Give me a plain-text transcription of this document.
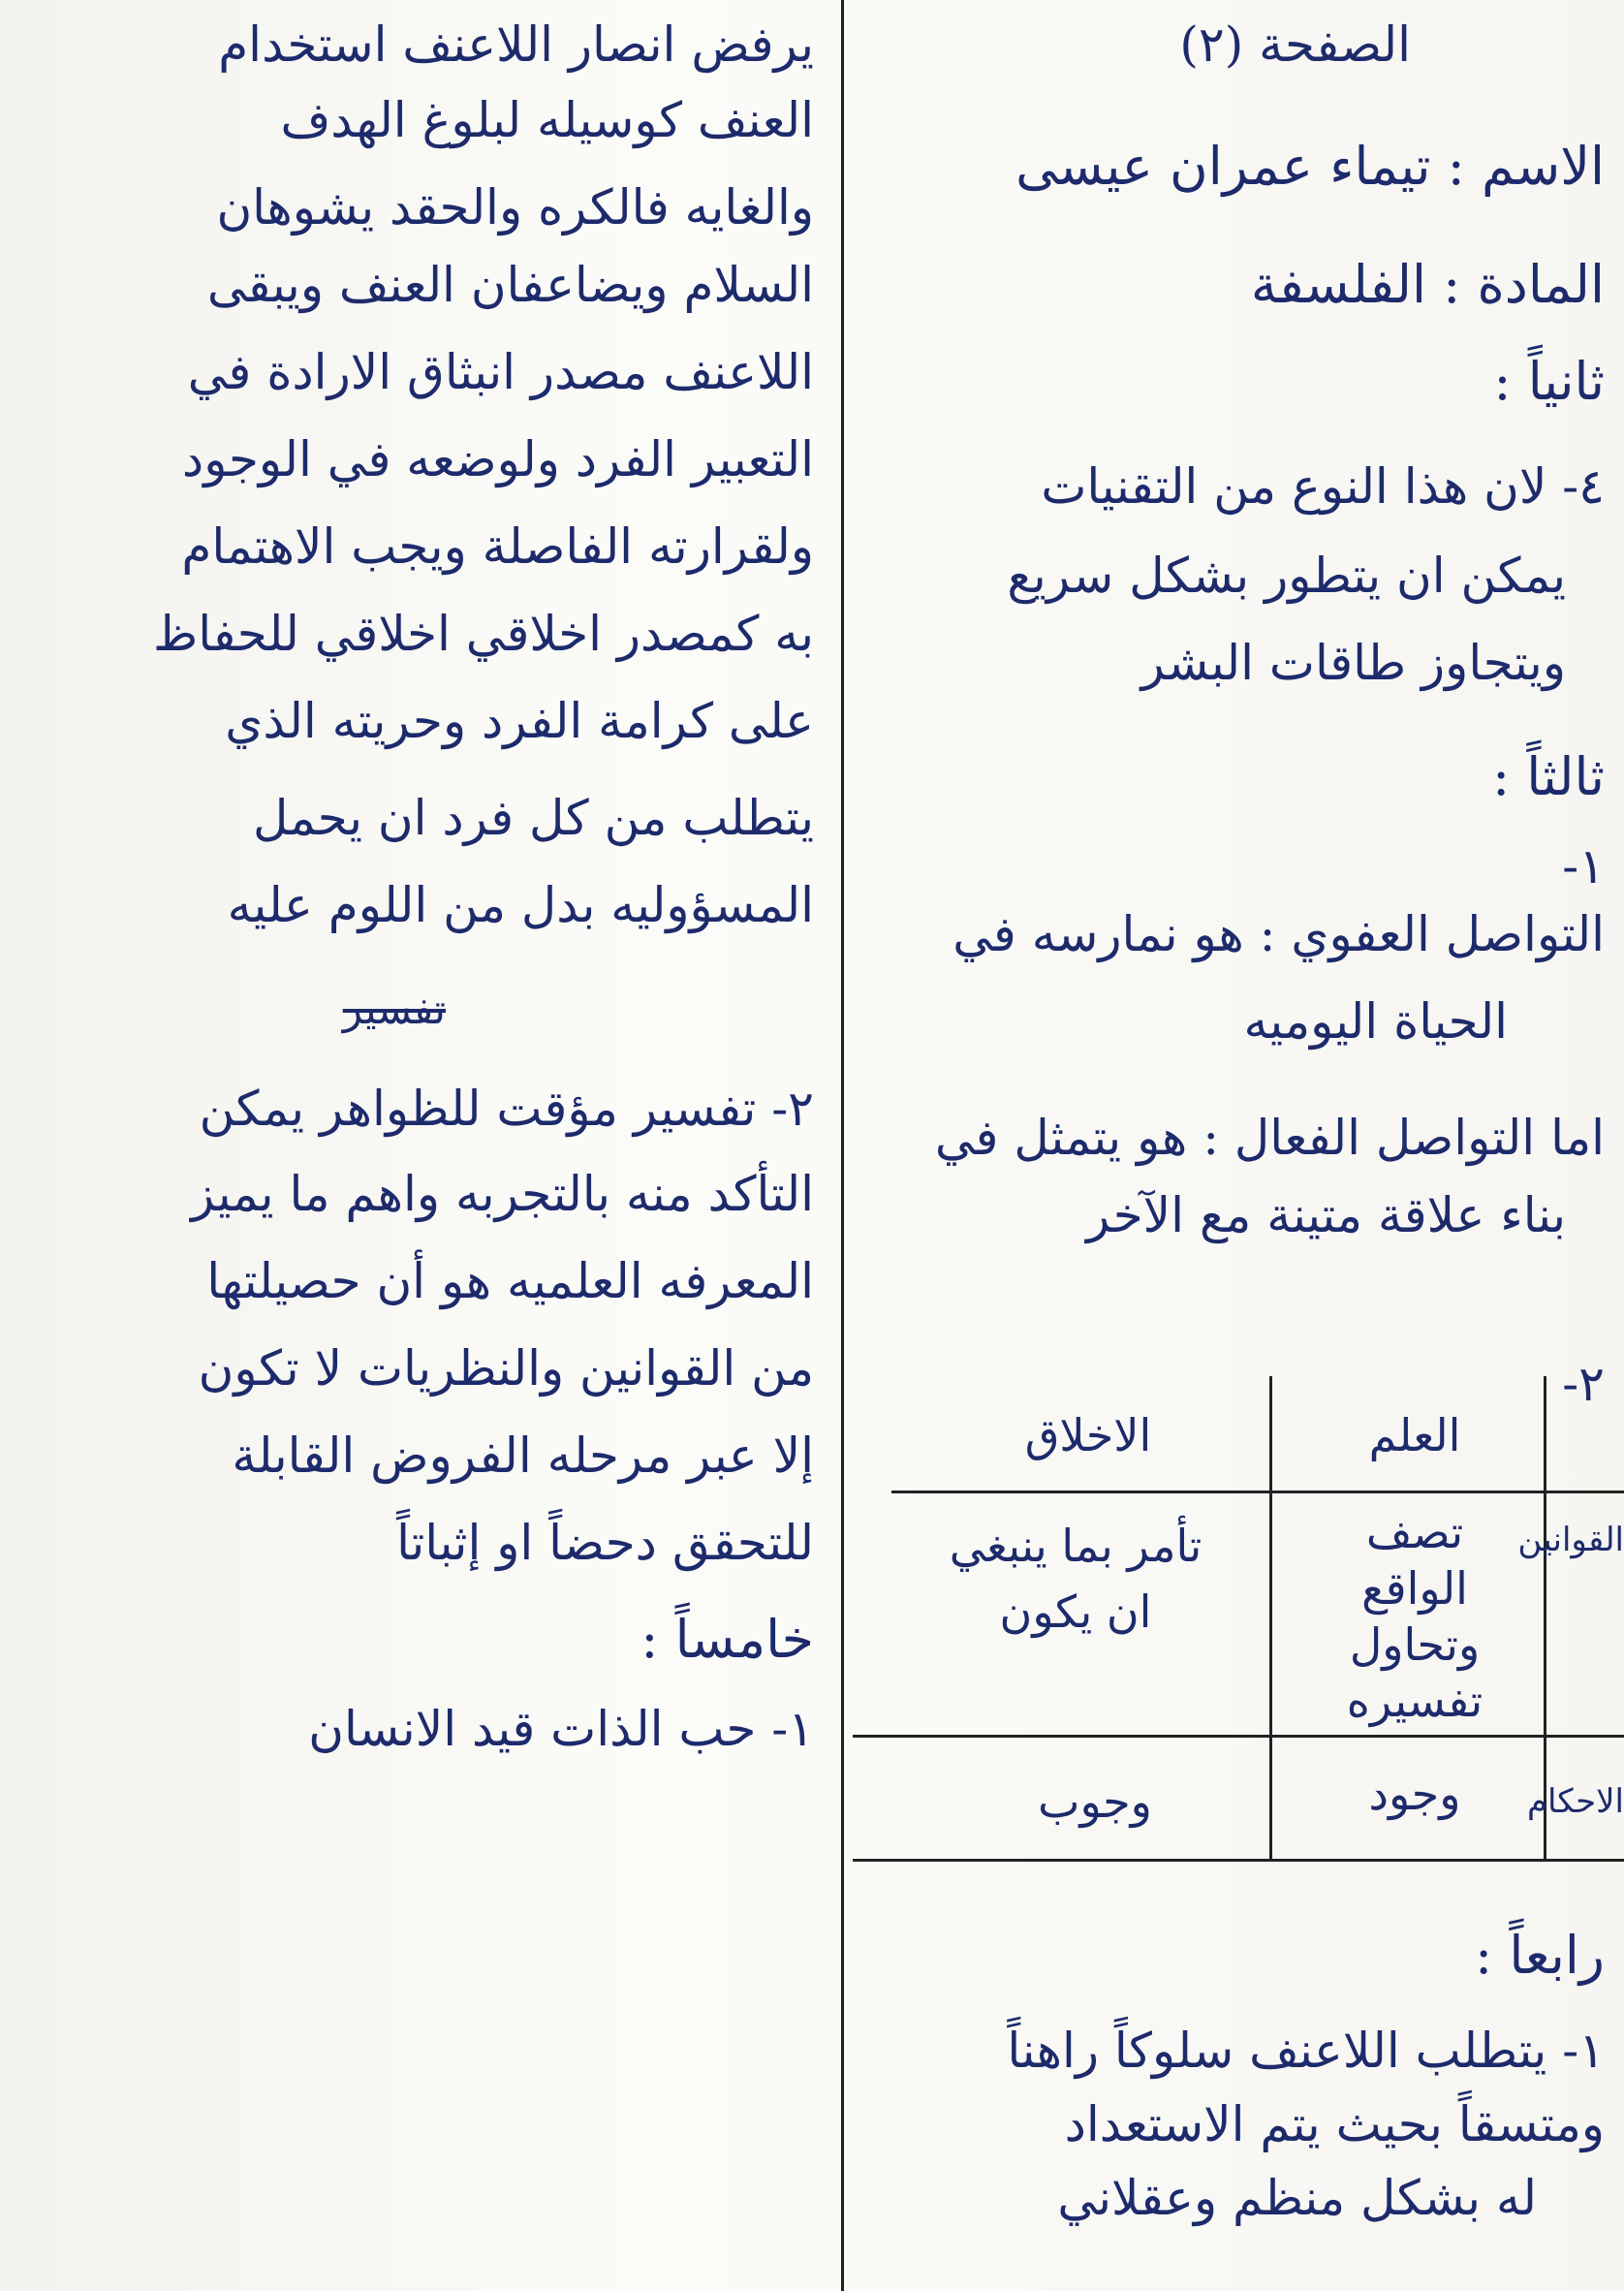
يرفض انصار اللاعنف استخدام
العنف كوسيله لبلوغ الهدف
والغايه فالكره والحقد يشوهان
السلام ويضاعفان العنف ويبقى
اللاعنف مصدر انبثاق الارادة في
التعبير الفرد ولوضعه في الوجود
ولقرارته الفاصلة ويجب الاهتمام
به كمصدر اخلاقي اخلاقي للحفاظ
على كرامة الفرد وحريته الذي
يتطلب من كل فرد ان يحمل
المسؤوليه بدل من اللوم عليه
تفسير
٢- تفسير مؤقت للظواهر يمكن
التأكد منه بالتجربه واهم ما يميز
المعرفه العلميه هو أن حصيلتها
من القوانين والنظريات لا تكون
إلا عبر مرحله الفروض القابلة
للتحقق دحضاً او إثباتاً
خامساً :
١- حب الذات قيد الانسان
الصفحة (٢)
الاسم : تيماء عمران عيسى
المادة : الفلسفة
ثانياً :
٤- لان هذا النوع من التقنيات
يمكن ان يتطور بشكل سريع
ويتجاوز طاقات البشر
ثالثاً :
١-
التواصل العفوي : هو نمارسه في
الحياة اليوميه
اما التواصل الفعال : هو يتمثل في
بناء علاقة متينة مع الآخر
٢-
الاخلاق	العلم
القوانين
تصف
الواقع
وتحاول
تفسيره
تأمر بما ينبغي
ان يكون
الاحكام
وجود
وجوب
رابعاً :
١- يتطلب اللاعنف سلوكاً راهناً
ومتسقاً بحيث يتم الاستعداد
له بشكل منظم وعقلاني
